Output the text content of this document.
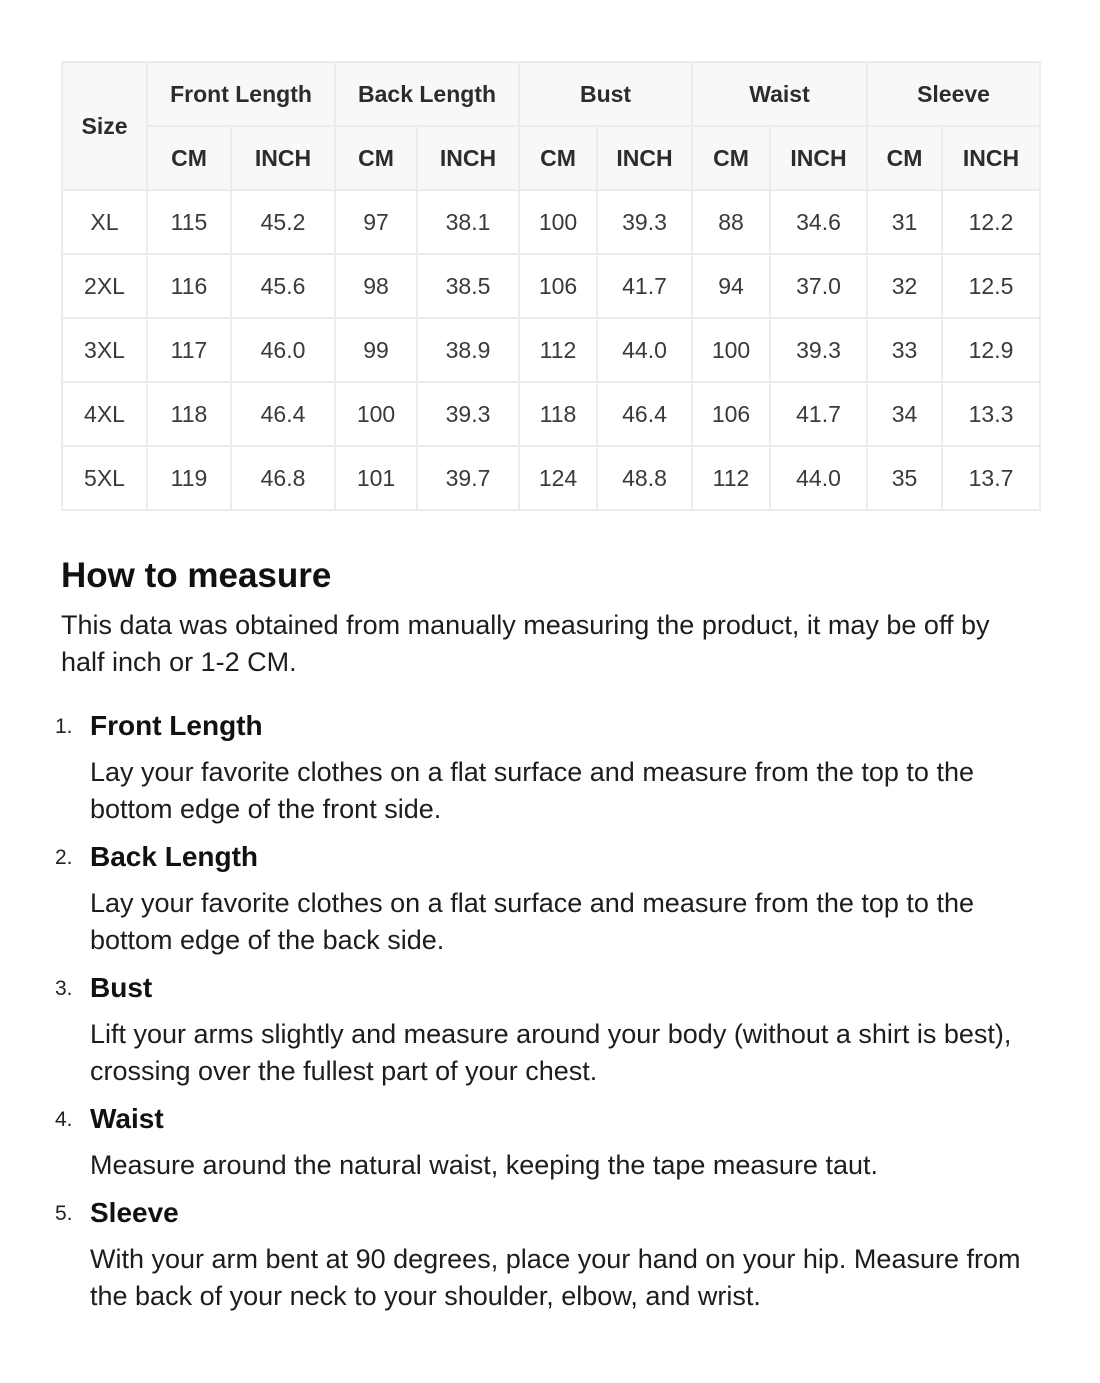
Size	Front Length		Back Length		Bust		Waist		Sleeve	
	CM	INCH	CM	INCH	CM	INCH	CM	INCH	CM	INCH
XL	115	45.2	97	38.1	100	39.3	88	34.6	31	12.2
2XL	116	45.6	98	38.5	106	41.7	94	37.0	32	12.5
3XL	117	46.0	99	38.9	112	44.0	100	39.3	33	12.9
4XL	118	46.4	100	39.3	118	46.4	106	41.7	34	13.3
5XL	119	46.8	101	39.7	124	48.8	112	44.0	35	13.7
How to measure

This data was obtained from manually measuring the product, it may be off by half inch or 1-2 CM.

1. Front Length
Lay your favorite clothes on a flat surface and measure from the top to the bottom edge of the front side.
2. Back Length
Lay your favorite clothes on a flat surface and measure from the top to the bottom edge of the back side.
3. Bust
Lift your arms slightly and measure around your body (without a shirt is best), crossing over the fullest part of your chest.
4. Waist
Measure around the natural waist, keeping the tape measure taut.
5. Sleeve
With your arm bent at 90 degrees, place your hand on your hip. Measure from the back of your neck to your shoulder, elbow, and wrist.
